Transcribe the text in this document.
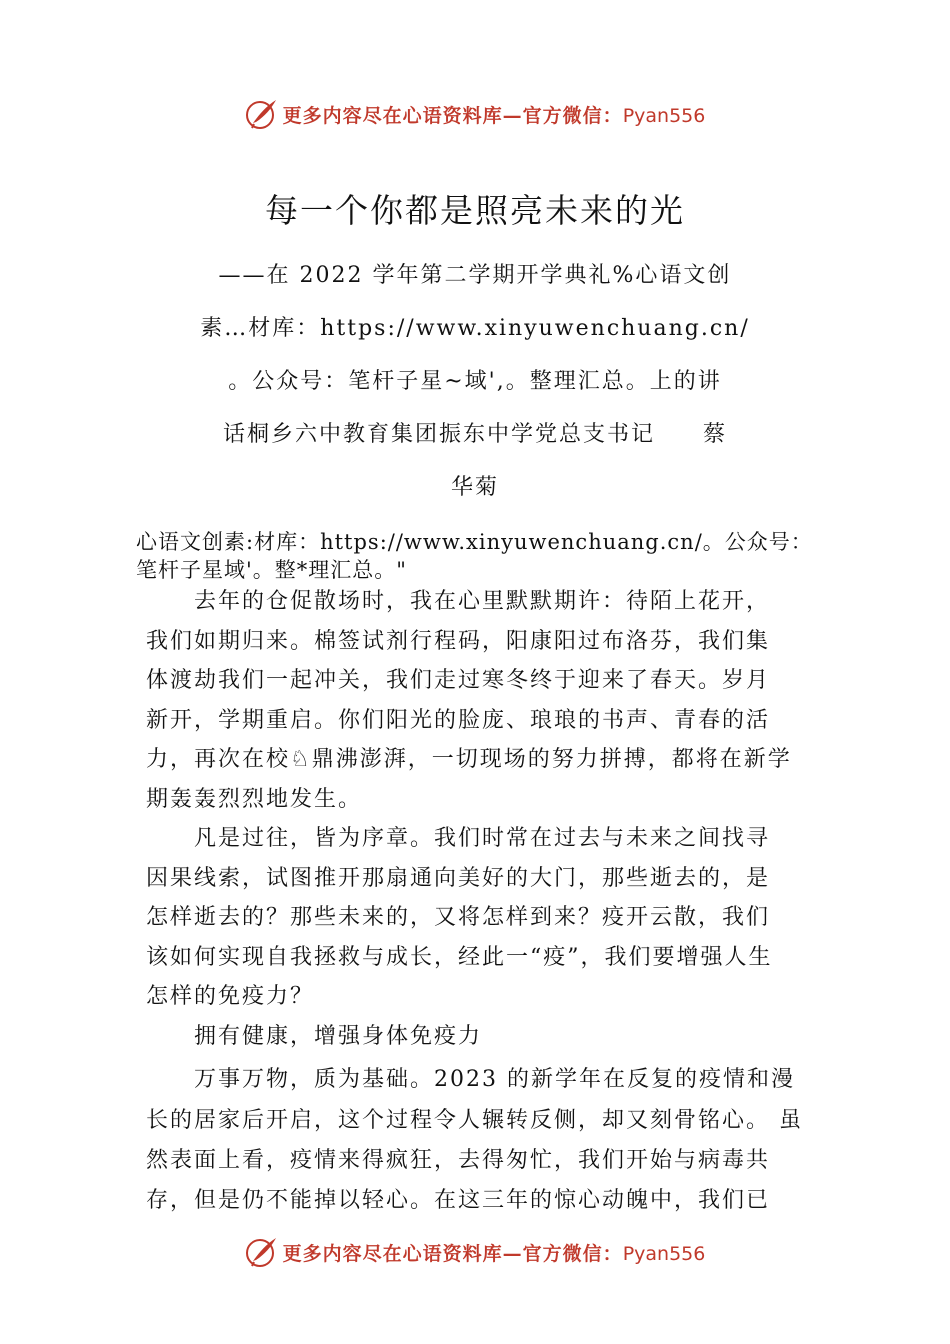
更多内容尽在心语资料库—官方微信：Pyan556
每一个你都是照亮未来的光
——在 2022 学年第二学期开学典礼%心语文创
素…材库：https://www.xinyuwenchuang.cn/
。公众号：笔杆子星~域',。整理汇总。上的讲
话桐乡六中教育集团振东中学党总支书记　　蔡
华菊
心语文创素:材库：https://www.xinyuwenchuang.cn/。公众号：
笔杆子星域'。整*理汇总。"
　　去年的仓促散场时，我在心里默默期许：待陌上花开，
我们如期归来。棉签试剂行程码，阳康阳过布洛芬，我们集
体渡劫我们一起冲关，我们走过寒冬终于迎来了春天。岁月
新开，学期重启。你们阳光的脸庞、琅琅的书声、青春的活
力，再次在校♘鼎沸澎湃，一切现场的努力拼搏，都将在新学
期轰轰烈烈地发生。
　　凡是过往，皆为序章。我们时常在过去与未来之间找寻
因果线索，试图推开那扇通向美好的大门，那些逝去的，是
怎样逝去的？那些未来的，又将怎样到来？疫开云散，我们
该如何实现自我拯救与成长，经此一“疫”，我们要增强人生
怎样的免疫力？
　　拥有健康，增强身体免疫力
　　万事万物，质为基础。2023 的新学年在反复的疫情和漫
长的居家后开启，这个过程令人辗转反侧，却又刻骨铭心。 虽
然表面上看，疫情来得疯狂，去得匆忙，我们开始与病毒共
存，但是仍不能掉以轻心。在这三年的惊心动魄中，我们已
更多内容尽在心语资料库—官方微信：Pyan556
